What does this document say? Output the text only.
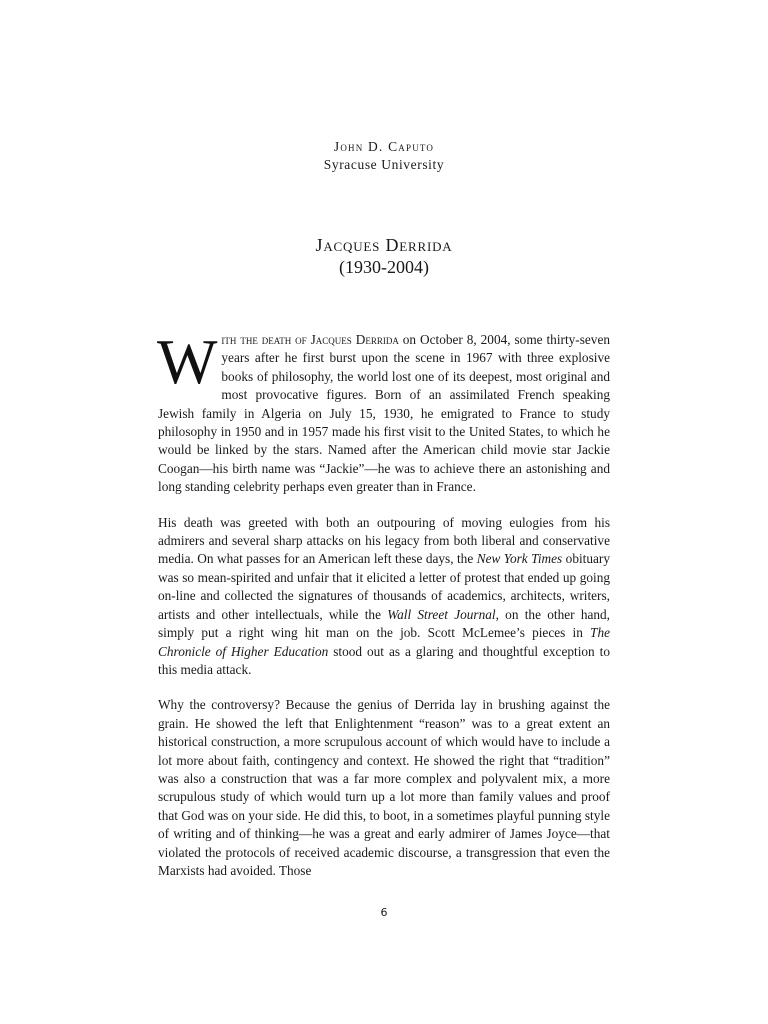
John D. Caputo
Syracuse University
Jacques Derrida
(1930-2004)

With the death of Jacques Derrida on October 8, 2004, some thirty-seven years after he first burst upon the scene in 1967 with three explosive books of philosophy, the world lost one of its deepest, most original and most provocative figures. Born of an assimilated French speaking Jewish family in Algeria on July 15, 1930, he emigrated to France to study philosophy in 1950 and in 1957 made his first visit to the United States, to which he would be linked by the stars. Named after the American child movie star Jackie Coogan—his birth name was “Jackie”—he was to achieve there an astonishing and long standing celebrity perhaps even greater than in France.

His death was greeted with both an outpouring of moving eulogies from his admirers and several sharp attacks on his legacy from both liberal and conservative media. On what passes for an American left these days, the New York Times obituary was so mean-spirited and unfair that it elicited a letter of protest that ended up going on-line and collected the signatures of thousands of academics, architects, writers, artists and other intellectuals, while the Wall Street Journal, on the other hand, simply put a right wing hit man on the job. Scott McLemee’s pieces in The Chronicle of Higher Education stood out as a glaring and thoughtful exception to this media attack.

Why the controversy? Because the genius of Derrida lay in brushing against the grain. He showed the left that Enlightenment “reason” was to a great extent an historical construction, a more scrupulous account of which would have to include a lot more about faith, contingency and context. He showed the right that “tradition” was also a construction that was a far more complex and polyvalent mix, a more scrupulous study of which would turn up a lot more than family values and proof that God was on your side. He did this, to boot, in a sometimes playful punning style of writing and of thinking—he was a great and early admirer of James Joyce—that violated the protocols of received academic discourse, a transgression that even the Marxists had avoided. Those

6
